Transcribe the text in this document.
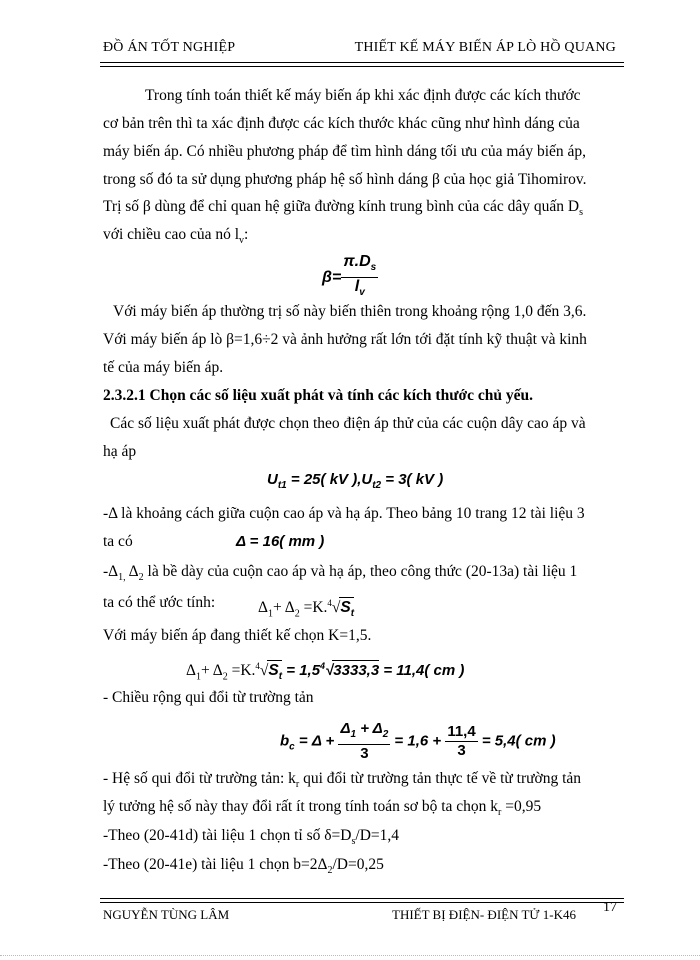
ĐỒ ÁN TỐT NGHIỆP	THIẾT KẾ MÁY BIẾN ÁP LÒ HỒ QUANG
Trong tính toán thiết kế máy biến áp khi xác định được các kích thước
cơ bản trên thì ta xác định được các kích thước khác cũng như hình dáng của
máy biến áp. Có nhiều phương pháp để tìm hình dáng tối ưu của máy biến áp,
trong số đó ta sử dụng phương pháp hệ số hình dáng β của học giả Tihomirov.
Trị số β dùng để chỉ quan hệ giữa đường kính trung bình của các dây quấn $D_s$
với chiều cao của nó $l_v$:
$\beta= \frac{\pi.D_s}{l_v}$
Với máy biến áp thường trị số này biến thiên trong khoảng rộng 1,0 đến 3,6.
Với máy biến áp lò β=1,6÷2 và ảnh hưởng rất lớn tới đặt tính kỹ thuật và kinh
tế của máy biến áp.
2.3.2.1 Chọn các số liệu xuất phát và tính các kích thước chủ yếu.
Các số liệu xuất phát được chọn theo điện áp thử của các cuộn dây cao áp và
hạ áp
$U_{t1} = 25$( kV )$,U_{t2} = 3$( kV )
-Δ là khoảng cách giữa cuộn cao áp và hạ áp. Theo bảng 10 trang 12 tài liệu 3
ta có	Δ = 16( mm )
$-\Delta_{1,}$ $\Delta_2$ là bề dày của cuộn cao áp và hạ áp, theo công thức (20-13a) tài liệu 1
ta có thể ước tính:	$\Delta_1+ \Delta_2 =K.^4√S_t$
Với máy biến áp đang thiết kế chọn K=1,5.
$\Delta_1+ \Delta_2 =K.^4√S_t = 1,5^4√3333,3 = 11,4$( cm )
- Chiều rộng qui đổi từ trường tản
$b_c = \Delta + \frac{\Delta_1 + \Delta_2}{3} = 1,6 + \frac{11,4}{3} = 5,4$( cm )
- Hệ số qui đổi từ trường tản: $k_r$ qui đổi từ trường tản thực tế về từ trường tản
lý tưởng hệ số này thay đổi rất ít trong tính toán sơ bộ ta chọn $k_r =0,95$
-Theo (20-41d) tài liệu 1 chọn tỉ số $\delta=D_s/D=1,4$
-Theo (20-41e) tài liệu 1 chọn $b=2\Delta_2/D=0,25$
NGUYỄN TÙNG LÂM	THIẾT BỊ ĐIỆN- ĐIỆN TỬ 1-K46 17
